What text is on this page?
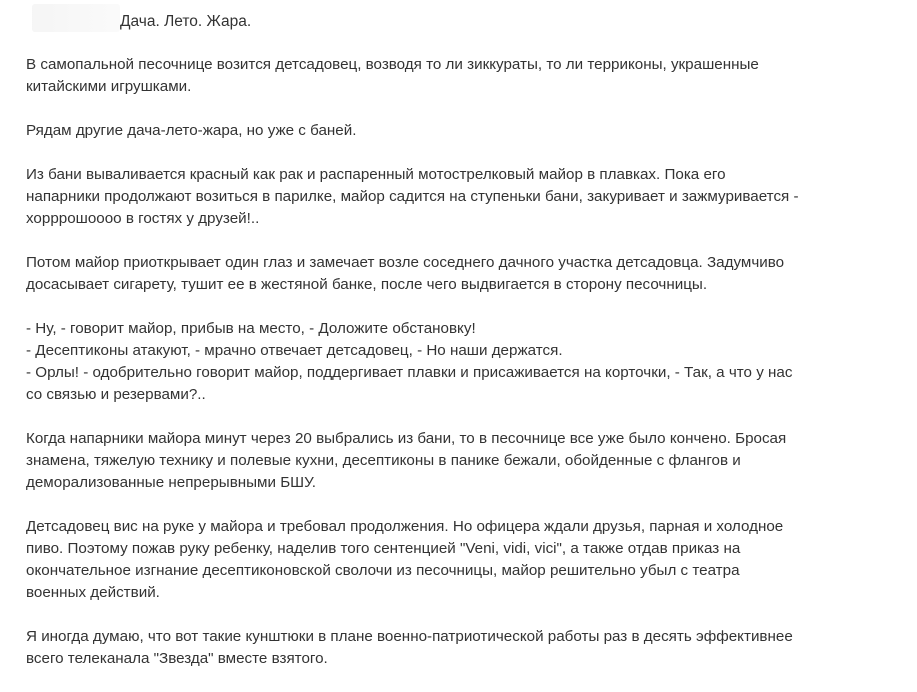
Дача. Лето. Жара.

В самопальной песочнице возится детсадовец, возводя то ли зиккураты, то ли терриконы, украшенные
китайскими игрушками.

Рядам другие дача-лето-жара, но уже с баней.

Из бани вываливается красный как рак и распаренный мотострелковый майор в плавках. Пока его
напарники продолжают возиться в парилке, майор садится на ступеньки бани, закуривает и зажмуривается -
хорррошоооо в гостях у друзей!..

Потом майор приоткрывает один глаз и замечает возле соседнего дачного участка детсадовца. Задумчиво
досасывает сигарету, тушит ее в жестяной банке, после чего выдвигается в сторону песочницы.

- Ну, - говорит майор, прибыв на место, - Доложите обстановку!
- Десептиконы атакуют, - мрачно отвечает детсадовец, - Но наши держатся.
- Орлы! - одобрительно говорит майор, поддергивает плавки и присаживается на корточки, - Так, а что у нас
со связью и резервами?..

Когда напарники майора минут через 20 выбрались из бани, то в песочнице все уже было кончено. Бросая
знамена, тяжелую технику и полевые кухни, десептиконы в панике бежали, обойденные с флангов и
деморализованные непрерывными БШУ.

Детсадовец вис на руке у майора и требовал продолжения. Но офицера ждали друзья, парная и холодное
пиво. Поэтому пожав руку ребенку, наделив того сентенцией "Veni, vidi, vici", а также отдав приказ на
окончательное изгнание десептиконовской сволочи из песочницы, майор решительно убыл с театра
военных действий.

Я иногда думаю, что вот такие кунштюки в плане военно-патриотической работы раз в десять эффективнее
всего телеканала "Звезда" вместе взятого.
